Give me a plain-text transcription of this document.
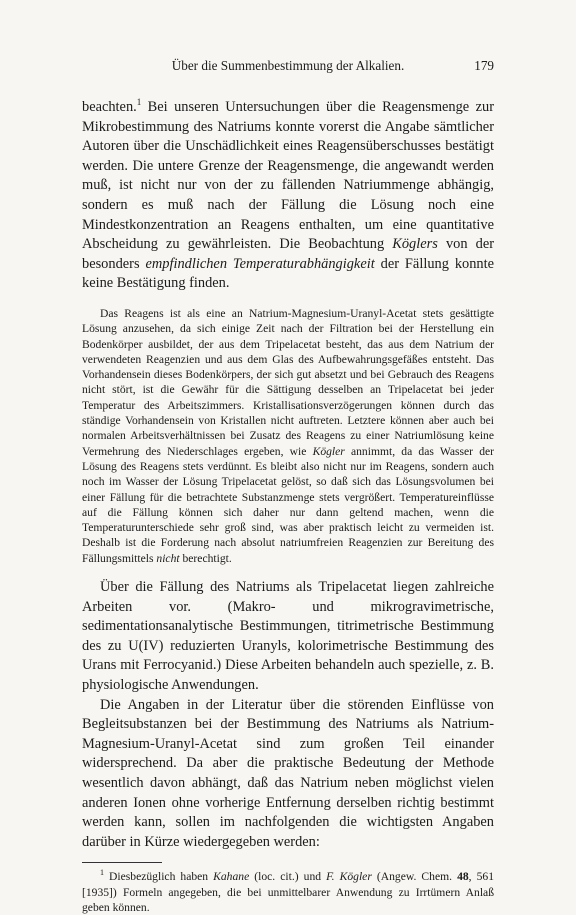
Über die Summenbestimmung der Alkalien.	179

beachten.$^1$ Bei unseren Untersuchungen über die Reagensmenge zur Mikrobestimmung des Natriums konnte vorerst die Angabe sämtlicher Autoren über die Unschädlichkeit eines Reagensüberschusses bestätigt werden. Die untere Grenze der Reagensmenge, die angewandt werden muß, ist nicht nur von der zu fällenden Natriummenge abhängig, sondern es muß nach der Fällung die Lösung noch eine Mindestkonzentration an Reagens enthalten, um eine quantitative Abscheidung zu gewährleisten. Die Beobachtung Köglers von der besonders empfindlichen Temperaturabhängigkeit der Fällung konnte keine Bestätigung finden.

Das Reagens ist als eine an Natrium-Magnesium-Uranyl-Acetat stets gesättigte Lösung anzusehen, da sich einige Zeit nach der Filtration bei der Herstellung ein Bodenkörper ausbildet, der aus dem Tripelacetat besteht, das aus dem Natrium der verwendeten Reagenzien und aus dem Glas des Aufbewahrungsgefäßes entsteht. Das Vorhandensein dieses Bodenkörpers, der sich gut absetzt und bei Gebrauch des Reagens nicht stört, ist die Gewähr für die Sättigung desselben an Tripelacetat bei jeder Temperatur des Arbeitszimmers. Kristallisationsverzögerungen können durch das ständige Vorhandensein von Kristallen nicht auftreten. Letztere können aber auch bei normalen Arbeitsverhältnissen bei Zusatz des Reagens zu einer Natriumlösung keine Vermehrung des Niederschlages ergeben, wie Kögler annimmt, da das Wasser der Lösung des Reagens stets verdünnt. Es bleibt also nicht nur im Reagens, sondern auch noch im Wasser der Lösung Tripelacetat gelöst, so daß sich das Lösungsvolumen bei einer Fällung für die betrachtete Substanzmenge stets vergrößert. Temperatureinflüsse auf die Fällung können sich daher nur dann geltend machen, wenn die Temperaturunterschiede sehr groß sind, was aber praktisch leicht zu vermeiden ist. Deshalb ist die Forderung nach absolut natriumfreien Reagenzien zur Bereitung des Fällungsmittels nicht berechtigt.

Über die Fällung des Natriums als Tripelacetat liegen zahlreiche Arbeiten vor. (Makro- und mikrogravimetrische, sedimentationsanalytische Bestimmungen, titrimetrische Bestimmung des zu U(IV) reduzierten Uranyls, kolorimetrische Bestimmung des Urans mit Ferrocyanid.) Diese Arbeiten behandeln auch spezielle, z. B. physiologische Anwendungen.

Die Angaben in der Literatur über die störenden Einflüsse von Begleitsubstanzen bei der Bestimmung des Natriums als Natrium-Magnesium-Uranyl-Acetat sind zum großen Teil einander widersprechend. Da aber die praktische Bedeutung der Methode wesentlich davon abhängt, daß das Natrium neben möglichst vielen anderen Ionen ohne vorherige Entfernung derselben richtig bestimmt werden kann, sollen im nachfolgenden die wichtigsten Angaben darüber in Kürze wiedergegeben werden:

$^1$ Diesbezüglich haben Kahane (loc. cit.) und F. Kögler (Angew. Chem. 48, 561 [1935]) Formeln angegeben, die bei unmittelbarer Anwendung zu Irrtümern Anlaß geben können.
